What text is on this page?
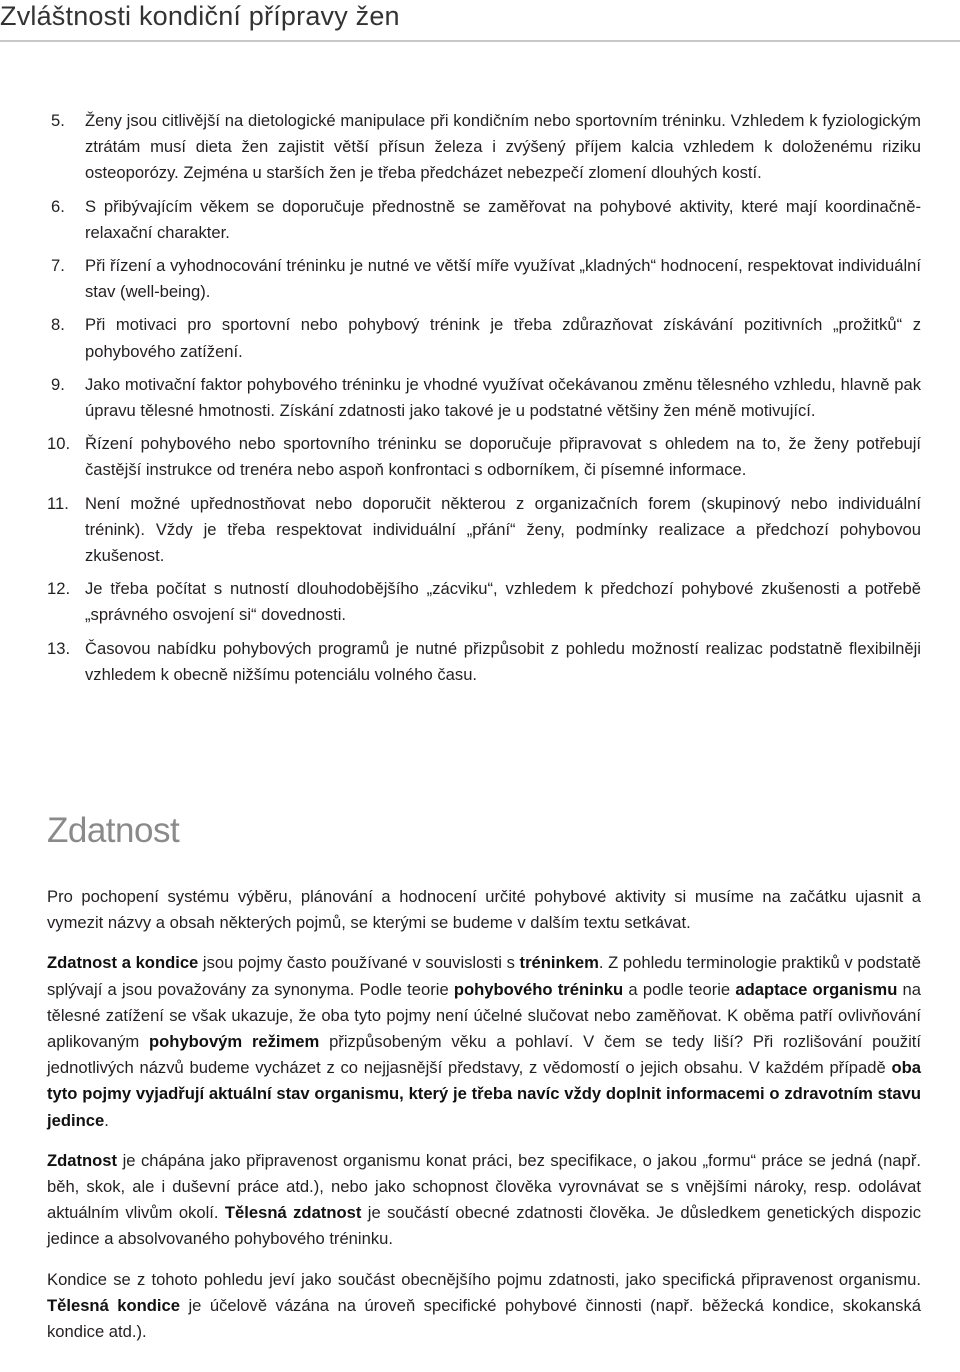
Zvláštnosti kondiční přípravy žen
5.	Ženy jsou citlivější na dietologické manipulace při kondičním nebo sportovním tréninku. Vzhledem k fyziologickým ztrátám musí dieta žen zajistit větší přísun železa i zvýšený příjem kalcia vzhledem k doloženému riziku osteoporózy. Zejména u starších žen je třeba předcházet nebezpečí zlomení dlouhých kostí.
6.	S přibývajícím věkem se doporučuje přednostně se zaměřovat na pohybové aktivity, které mají koordinačně-relaxační charakter.
7.	Při řízení a vyhodnocování tréninku je nutné ve větší míře využívat „kladných“ hodnocení, respektovat individuální stav (well-being).
8.	Při motivaci pro sportovní nebo pohybový trénink je třeba zdůrazňovat získávání pozitivních „prožitků“ z pohybového zatížení.
9.	Jako motivační faktor pohybového tréninku je vhodné využívat očekávanou změnu tělesného vzhledu, hlavně pak úpravu tělesné hmotnosti. Získání zdatnosti jako takové je u podstatné většiny žen méně motivující.
10. Řízení pohybového nebo sportovního tréninku se doporučuje připravovat s ohledem na to, že ženy potřebují častější instrukce od trenéra nebo aspoň konfrontaci s odborníkem, či písemné informace.
11. Není možné upřednostňovat nebo doporučit některou z organizačních forem (skupinový nebo individuální trénink). Vždy je třeba respektovat individuální „přání“ ženy, podmínky realizace a předchozí pohybovou zkušenost.
12. Je třeba počítat s nutností dlouhodobějšího „zácviku“, vzhledem k předchozí pohybové zkušenosti a potřebě „správného osvojení si“ dovednosti.
13. Časovou nabídku pohybových programů je nutné přizpůsobit z pohledu možností realizac podstatně flexibilněji vzhledem k obecně nižšímu potenciálu volného času.
Zdatnost

Pro pochopení systému výběru, plánování a hodnocení určité pohybové aktivity si musíme na začátku ujasnit a vymezit názvy a obsah některých pojmů, se kterými se budeme v dalším textu setkávat.

Zdatnost a kondice jsou pojmy často používané v souvislosti s tréninkem. Z pohledu terminologie praktiků v podstatě splývají a jsou považovány za synonyma. Podle teorie pohybového tréninku a podle teorie adaptace organismu na tělesné zatížení se však ukazuje, že oba tyto pojmy není účelné slučovat nebo zaměňovat. K oběma patří ovlivňování aplikovaným pohybovým režimem přizpůsobeným věku a pohlaví. V čem se tedy liší? Při rozlišování použití jednotlivých názvů budeme vycházet z co nejjasnější představy, z vědomostí o jejich obsahu. V každém případě oba tyto pojmy vyjadřují aktuální stav organismu, který je třeba navíc vždy doplnit informacemi o zdravotním stavu jedince.

Zdatnost je chápána jako připravenost organismu konat práci, bez specifikace, o jakou „formu“ práce se jedná (např. běh, skok, ale i duševní práce atd.), nebo jako schopnost člověka vyrovnávat se s vnějšími nároky, resp. odolávat aktuálním vlivům okolí. Tělesná zdatnost je součástí obecné zdatnosti člověka. Je důsledkem genetických dispozic jedince a absolvovaného pohybového tréninku.

Kondice se z tohoto pohledu jeví jako součást obecnějšího pojmu zdatnosti, jako specifická připravenost organismu. Tělesná kondice je účelově vázána na úroveň specifické pohybové činnosti (např. běžecká kondice, skokanská kondice atd.).
